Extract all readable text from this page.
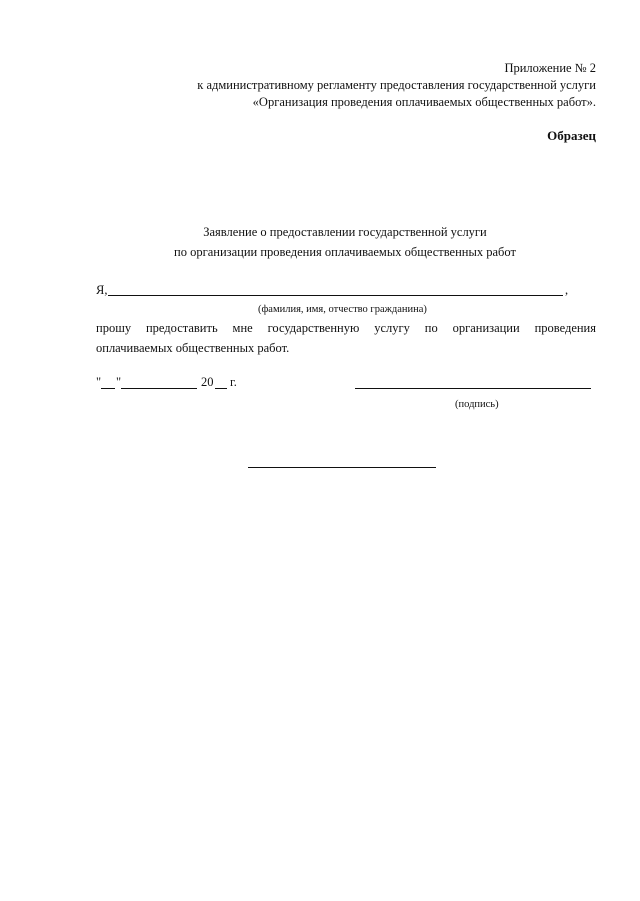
Приложение № 2
к административному регламенту предоставления государственной услуги
«Организация проведения оплачиваемых общественных работ».
Образец
Заявление о предоставлении государственной услуги
по организации проведения оплачиваемых общественных работ
Я,	,
(фамилия, имя, отчество гражданина)
прошу предоставить мне государственную услугу по организации проведения
оплачиваемых общественных работ.
" "	20 г.
(подпись)
